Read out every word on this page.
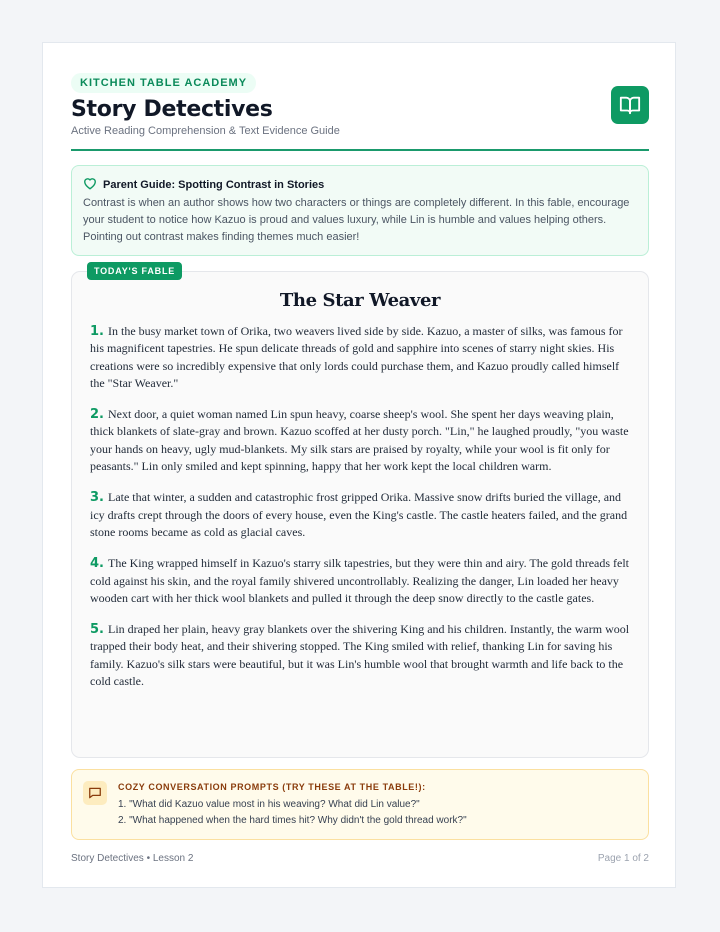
KITCHEN TABLE ACADEMY
Story Detectives
Active Reading Comprehension & Text Evidence Guide
Parent Guide: Spotting Contrast in Stories
Contrast is when an author shows how two characters or things are completely different. In this fable, encourage your student to notice how Kazuo is proud and values luxury, while Lin is humble and values helping others. Pointing out contrast makes finding themes much easier!
TODAY'S FABLE
The Star Weaver
1. In the busy market town of Orika, two weavers lived side by side. Kazuo, a master of silks, was famous for his magnificent tapestries. He spun delicate threads of gold and sapphire into scenes of starry night skies. His creations were so incredibly expensive that only lords could purchase them, and Kazuo proudly called himself the "Star Weaver."
2. Next door, a quiet woman named Lin spun heavy, coarse sheep's wool. She spent her days weaving plain, thick blankets of slate-gray and brown. Kazuo scoffed at her dusty porch. "Lin," he laughed proudly, "you waste your hands on heavy, ugly mud-blankets. My silk stars are praised by royalty, while your wool is fit only for peasants." Lin only smiled and kept spinning, happy that her work kept the local children warm.
3. Late that winter, a sudden and catastrophic frost gripped Orika. Massive snow drifts buried the village, and icy drafts crept through the doors of every house, even the King's castle. The castle heaters failed, and the grand stone rooms became as cold as glacial caves.
4. The King wrapped himself in Kazuo's starry silk tapestries, but they were thin and airy. The gold threads felt cold against his skin, and the royal family shivered uncontrollably. Realizing the danger, Lin loaded her heavy wooden cart with her thick wool blankets and pulled it through the deep snow directly to the castle gates.
5. Lin draped her plain, heavy gray blankets over the shivering King and his children. Instantly, the warm wool trapped their body heat, and their shivering stopped. The King smiled with relief, thanking Lin for saving his family. Kazuo's silk stars were beautiful, but it was Lin's humble wool that brought warmth and life back to the cold castle.
COZY CONVERSATION PROMPTS (TRY THESE AT THE TABLE!):
1. "What did Kazuo value most in his weaving? What did Lin value?"
2. "What happened when the hard times hit? Why didn't the gold thread work?"
Story Detectives • Lesson 2	Page 1 of 2
